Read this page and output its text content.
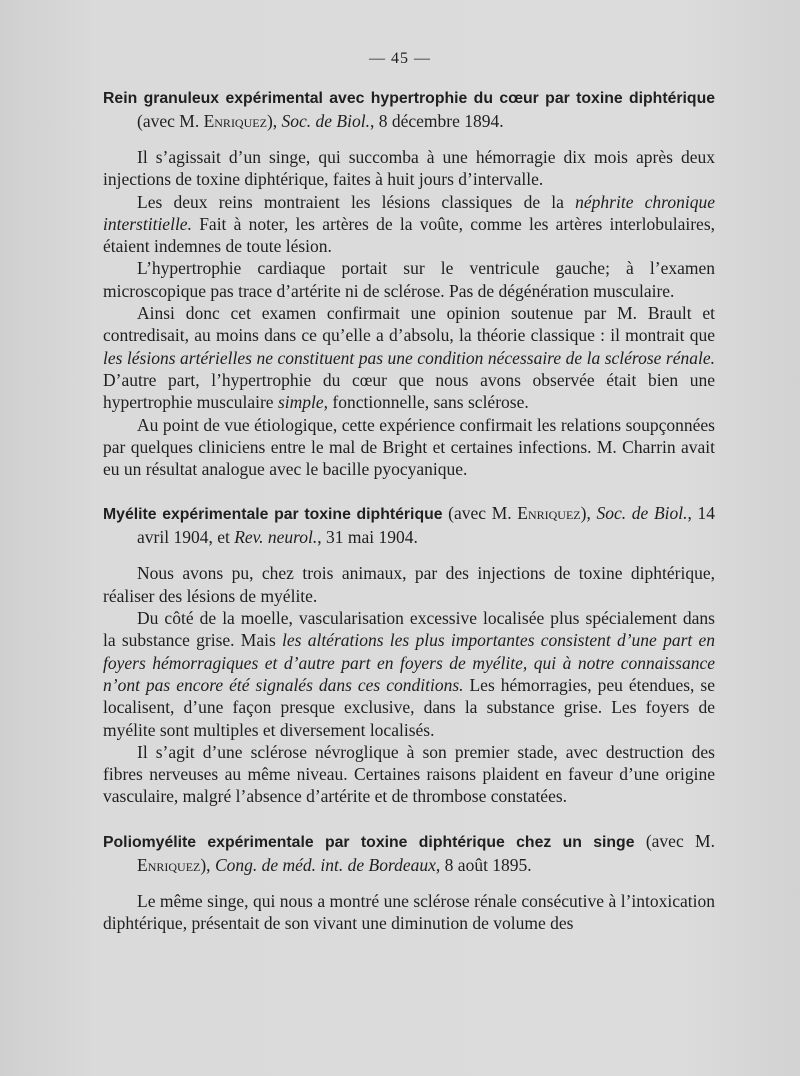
— 45 —

Rein granuleux expérimental avec hypertrophie du cœur par toxine diphtérique (avec M. Enriquez), Soc. de Biol., 8 décembre 1894.

Il s’agissait d’un singe, qui succomba à une hémorragie dix mois après deux injections de toxine diphtérique, faites à huit jours d’intervalle.

Les deux reins montraient les lésions classiques de la néphrite chronique interstitielle. Fait à noter, les artères de la voûte, comme les artères interlobulaires, étaient indemnes de toute lésion.

L’hypertrophie cardiaque portait sur le ventricule gauche; à l’examen microscopique pas trace d’artérite ni de sclérose. Pas de dégénération musculaire.

Ainsi donc cet examen confirmait une opinion soutenue par M. Brault et contredisait, au moins dans ce qu’elle a d’absolu, la théorie classique : il montrait que les lésions artérielles ne constituent pas une condition nécessaire de la sclérose rénale. D’autre part, l’hypertrophie du cœur que nous avons observée était bien une hypertrophie musculaire simple, fonctionnelle, sans sclérose.

Au point de vue étiologique, cette expérience confirmait les relations soupçonnées par quelques cliniciens entre le mal de Bright et certaines infections. M. Charrin avait eu un résultat analogue avec le bacille pyocyanique.

Myélite expérimentale par toxine diphtérique (avec M. Enriquez), Soc. de Biol., 14 avril 1904, et Rev. neurol., 31 mai 1904.

Nous avons pu, chez trois animaux, par des injections de toxine diphtérique, réaliser des lésions de myélite.

Du côté de la moelle, vascularisation excessive localisée plus spécialement dans la substance grise. Mais les altérations les plus importantes consistent d’une part en foyers hémorragiques et d’autre part en foyers de myélite, qui à notre connaissance n’ont pas encore été signalés dans ces conditions. Les hémorragies, peu étendues, se localisent, d’une façon presque exclusive, dans la substance grise. Les foyers de myélite sont multiples et diversement localisés.

Il s’agit d’une sclérose névroglique à son premier stade, avec destruction des fibres nerveuses au même niveau. Certaines raisons plaident en faveur d’une origine vasculaire, malgré l’absence d’artérite et de thrombose constatées.

Poliomyélite expérimentale par toxine diphtérique chez un singe (avec M. Enriquez), Cong. de méd. int. de Bordeaux, 8 août 1895.

Le même singe, qui nous a montré une sclérose rénale consécutive à l’intoxication diphtérique, présentait de son vivant une diminution de volume des
